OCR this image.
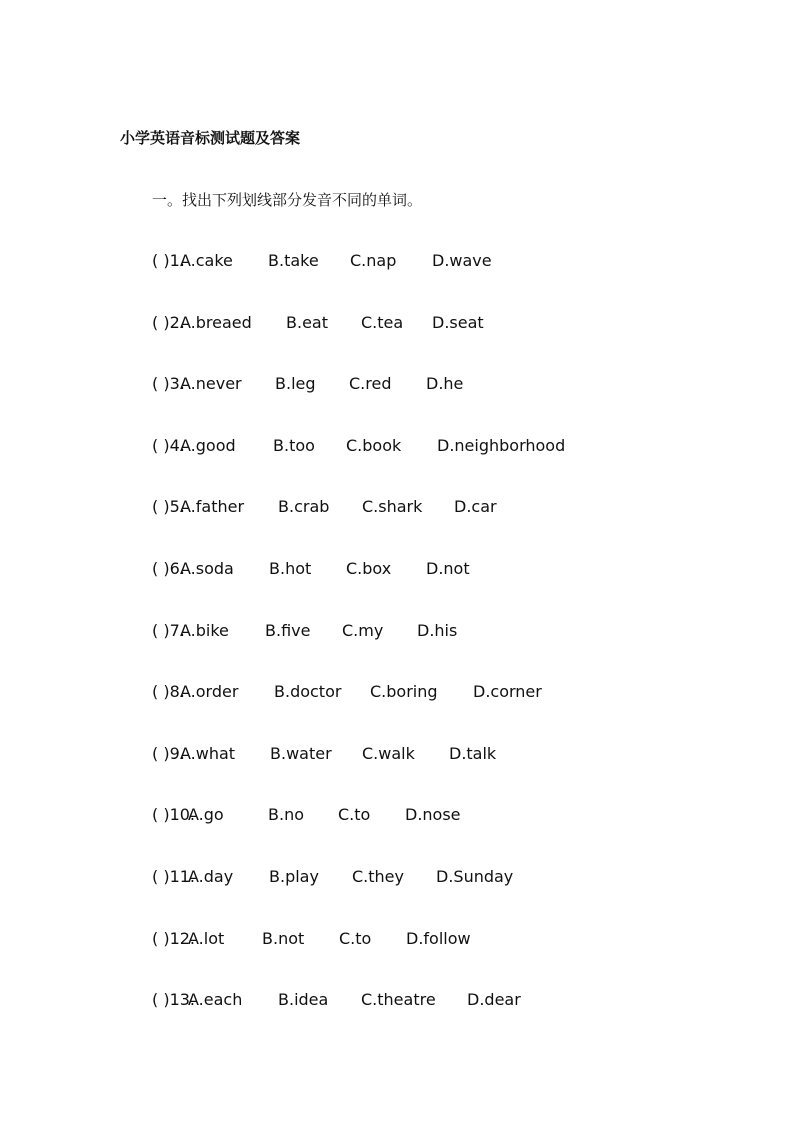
小学英语音标测试题及答案

一。找出下列划线部分发音不同的单词。

( )1.
A.cake B.take C.nap D.wave
( )2.
A.breaed B.eat C.tea D.seat
( )3.
A.never B.leg C.red D.he
( )4.
A.good B.too C.book D.neighborhood
( )5.
A.father B.crab C.shark D.car
( )6.
A.soda B.hot C.box D.not
( )7.
A.bike B.five C.my D.his
( )8.
A.order B.doctor C.boring D.corner
( )9.
A.what B.water C.walk D.talk
( )10.
A.go	B.no C.to D.nose
( )11.
A.day B.play C.they D.Sunday
( )12.
A.lot B.not C.to D.follow
( )13.
A.each B.idea C.theatre D.dear
